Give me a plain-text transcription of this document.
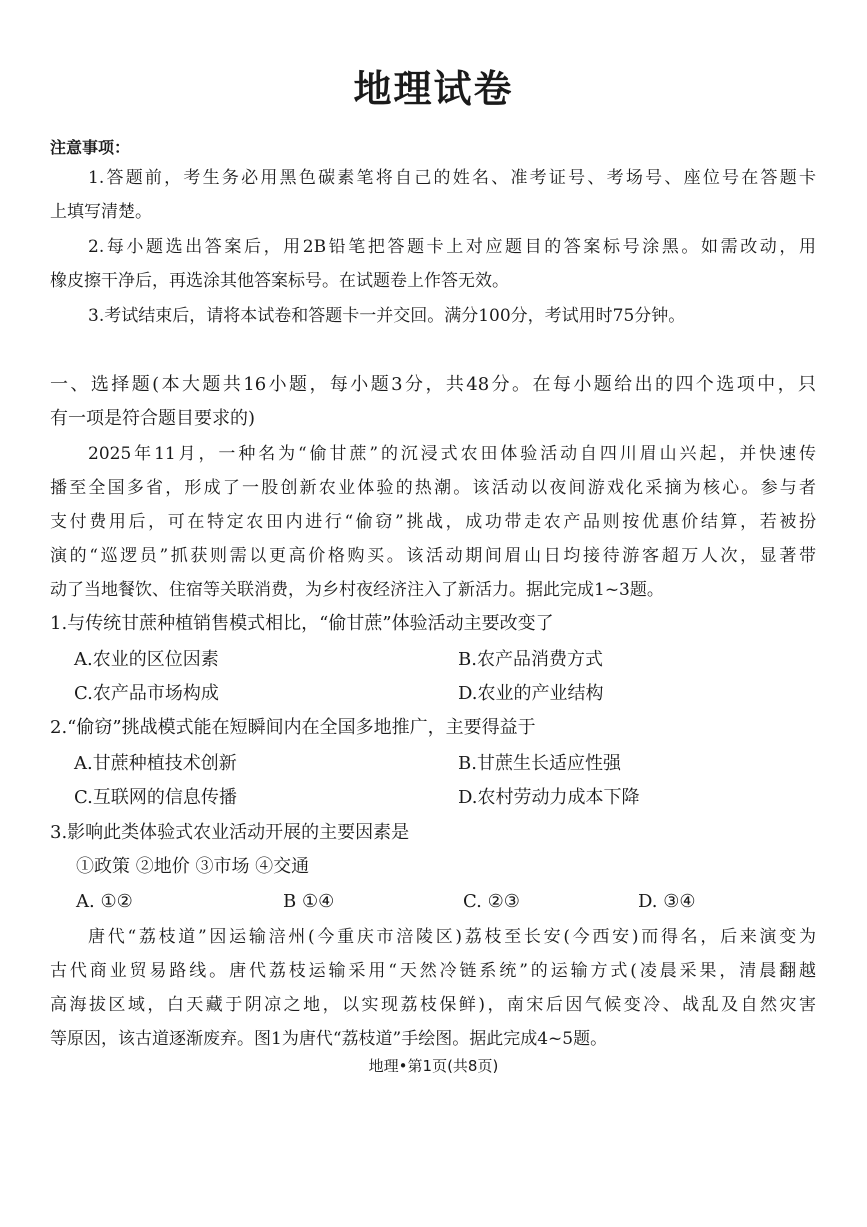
地理试卷
注意事项：
1.答题前，考生务必用黑色碳素笔将自己的姓名、准考证号、考场号、座位号在答题卡
上填写清楚。
2.每小题选出答案后，用2B铅笔把答题卡上对应题目的答案标号涂黑。如需改动，用
橡皮擦干净后，再选涂其他答案标号。在试题卷上作答无效。
3.考试结束后，请将本试卷和答题卡一并交回。满分100分，考试用时75分钟。
一、选择题(本大题共16小题，每小题3分，共48分。在每小题给出的四个选项中，只
有一项是符合题目要求的)
2025年11月，一种名为“偷甘蔗”的沉浸式农田体验活动自四川眉山兴起，并快速传
播至全国多省，形成了一股创新农业体验的热潮。该活动以夜间游戏化采摘为核心。参与者
支付费用后，可在特定农田内进行“偷窃”挑战，成功带走农产品则按优惠价结算，若被扮
演的“巡逻员”抓获则需以更高价格购买。该活动期间眉山日均接待游客超万人次，显著带
动了当地餐饮、住宿等关联消费，为乡村夜经济注入了新活力。据此完成1~3题。
1.与传统甘蔗种植销售模式相比，“偷甘蔗”体验活动主要改变了
A.农业的区位因素	B.农产品消费方式
C.农产品市场构成	D.农业的产业结构
2.“偷窃”挑战模式能在短瞬间内在全国多地推广，主要得益于
A.甘蔗种植技术创新	B.甘蔗生长适应性强
C.互联网的信息传播	D.农村劳动力成本下降
3.影响此类体验式农业活动开展的主要因素是
①政策 ②地价 ③市场 ④交通
A. ①②	B ①④	C. ②③	D. ③④
唐代“荔枝道”因运输涪州(今重庆市涪陵区)荔枝至长安(今西安)而得名，后来演变为
古代商业贸易路线。唐代荔枝运输采用“天然冷链系统”的运输方式(凌晨采果，清晨翻越
高海拔区域，白天藏于阴凉之地，以实现荔枝保鲜)，南宋后因气候变冷、战乱及自然灾害
等原因，该古道逐渐废弃。图1为唐代“荔枝道”手绘图。据此完成4~5题。
地理•第1页(共8页)
